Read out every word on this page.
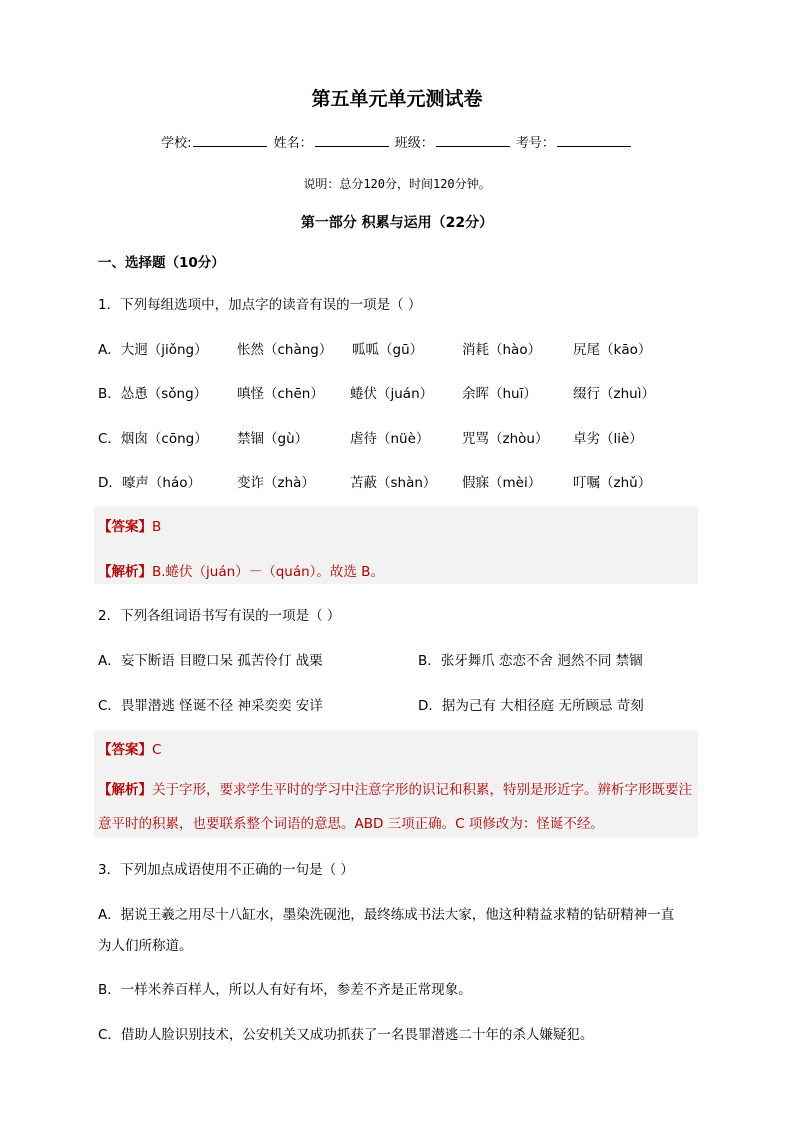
第五单元单元测试卷
学校:	姓名：	班级：	考号：
说明：总分120分，时间120分钟。
第一部分 积累与运用（22分）
一、选择题（10分）
1．下列每组选项中，加点字的读音有误的一项是（ ）
A．大迥（jiǒng） 怅然（chàng） 呱呱（gū）	消耗（hào） 尻尾（kāo）
B．怂恿（sǒng） 嗔怪（chēn） 蜷伏（juán） 余晖（huī）	缀行（zhuì）
C．烟囱（cōng） 禁锢（gù）	虐待（nüè） 咒骂（zhòu） 卓劣（liè）
D．嚎声（háo）	变诈（zhà）	苫蔽（shàn） 假寐（mèi） 叮嘱（zhǔ）
【答案】B
【解析】B.蜷伏（juán）－（quán）。故选 B。
2．下列各组词语书写有误的一项是（ ）
A．妄下断语 目瞪口呆 孤苦伶仃 战栗	B．张牙舞爪 恋恋不舍 迥然不同 禁锢
C．畏罪潜逃 怪诞不径 神采奕奕 安详	D．据为己有 大相径庭 无所顾忌 苛刻
【答案】C
【解析】关于字形，要求学生平时的学习中注意字形的识记和积累，特别是形近字。辨析字形既要注意平时的积累，也要联系整个词语的意思。ABD 三项正确。C 项修改为：怪诞不经。
3．下列加点成语使用不正确的一句是（ ）
A．据说王羲之用尽十八缸水，墨染洗砚池，最终练成书法大家，他这种精益求精的钻研精神一直
为人们所称道。
B．一样米养百样人，所以人有好有坏，参差不齐是正常现象。
C．借助人脸识别技术，公安机关又成功抓获了一名畏罪潜逃二十年的杀人嫌疑犯。
